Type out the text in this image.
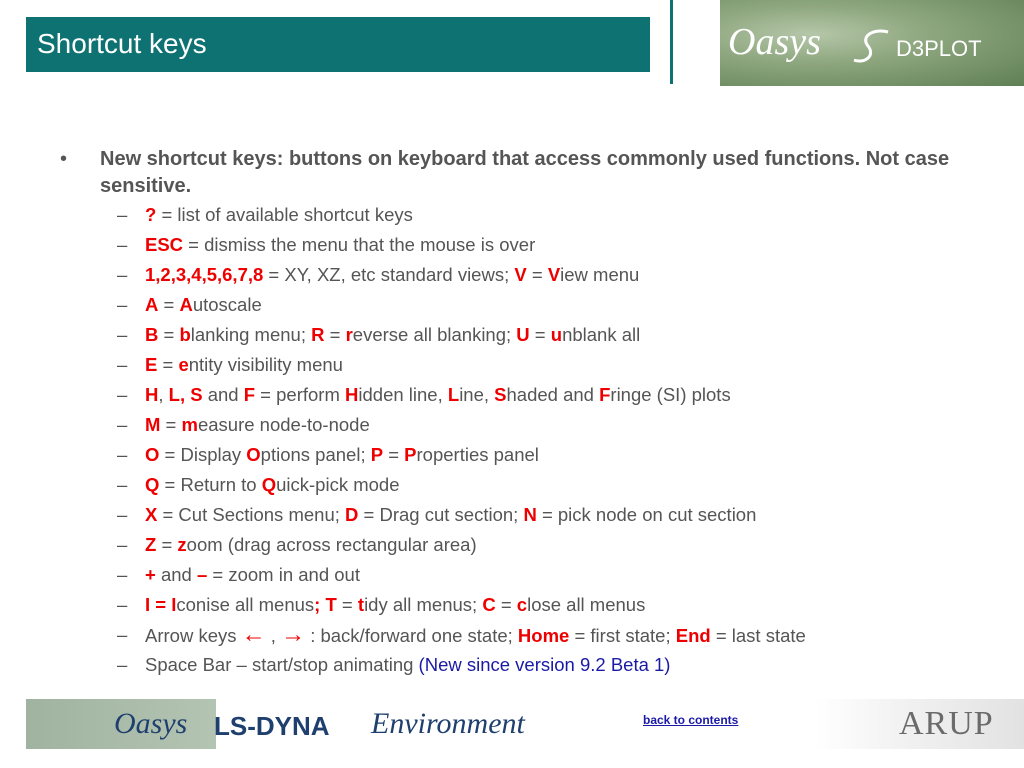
Shortcut keys	Oasys	D3PLOT
•	New shortcut keys: buttons on keyboard that access commonly used functions. Not case sensitive.
– ? = list of available shortcut keys
– ESC = dismiss the menu that the mouse is over
– 1,2,3,4,5,6,7,8 = XY, XZ, etc standard views; V = View menu
– A = Autoscale
– B = blanking menu; R = reverse all blanking; U = unblank all
– E = entity visibility menu
– H, L, S and F = perform Hidden line, Line, Shaded and Fringe (SI) plots
– M = measure node-to-node
– O = Display Options panel; P = Properties panel
– Q = Return to Quick-pick mode
– X = Cut Sections menu; D = Drag cut section; N = pick node on cut section
– Z = zoom (drag across rectangular area)
– + and – = zoom in and out
– I = Iconise all menus; T = tidy all menus; C = close all menus
– Arrow keys ← , → : back/forward one state; Home = first state; End = last state
– Space Bar – start/stop animating (New since version 9.2 Beta 1)
Oasys LS-DYNA Environment	back to contents	ARUP
